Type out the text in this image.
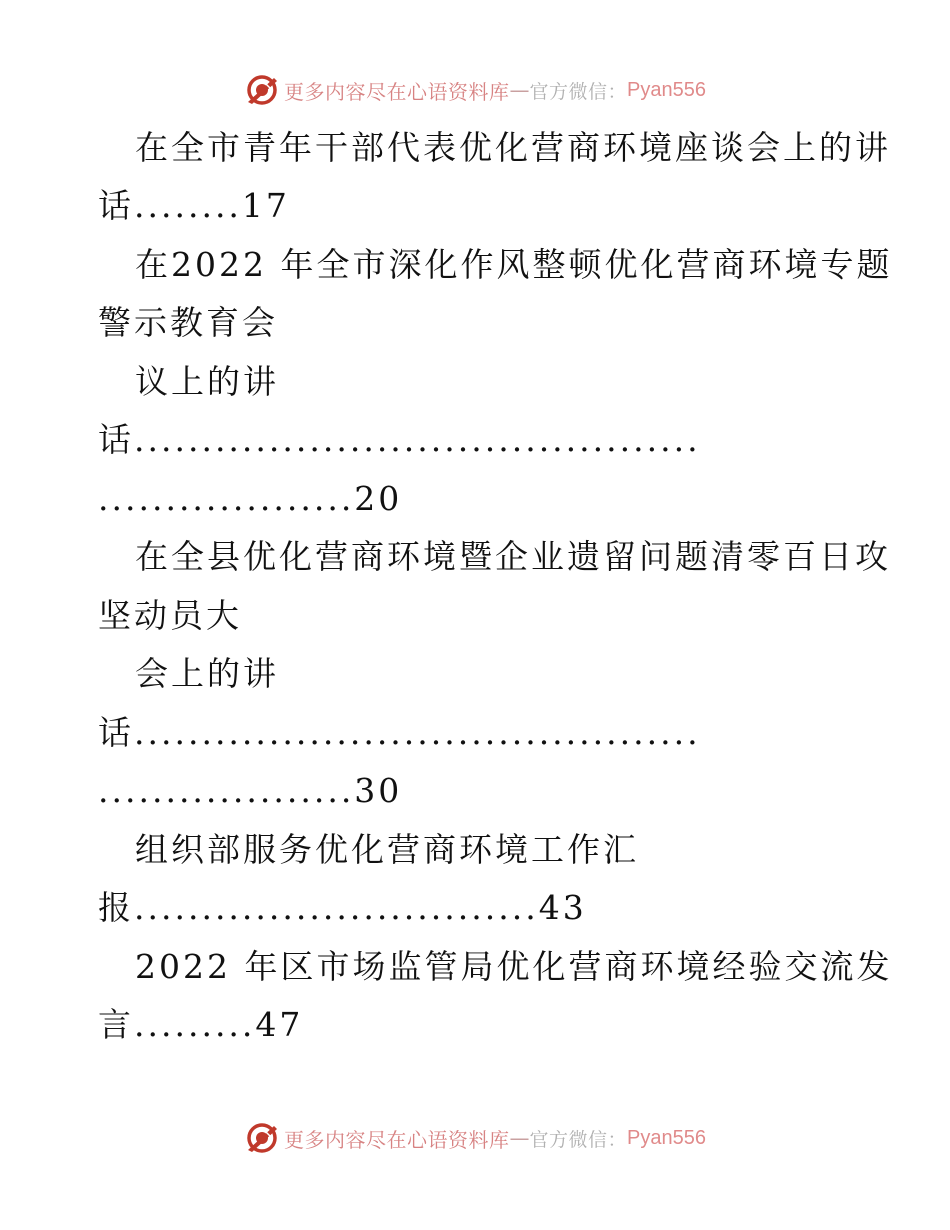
更多内容尽在心语资料库 — 官方微信： Pyan556
在全市青年干部代表优化营商环境座谈会上的讲
话........17
在2022 年全市深化作风整顿优化营商环境专题
警示教育会
议上的讲
话..........................................
...................20
在全县优化营商环境暨企业遗留问题清零百日攻
坚动员大
会上的讲
话..........................................
...................30
组织部服务优化营商环境工作汇
报..............................43
2022 年区市场监管局优化营商环境经验交流发
言.........47
更多内容尽在心语资料库 — 官方微信： Pyan556
